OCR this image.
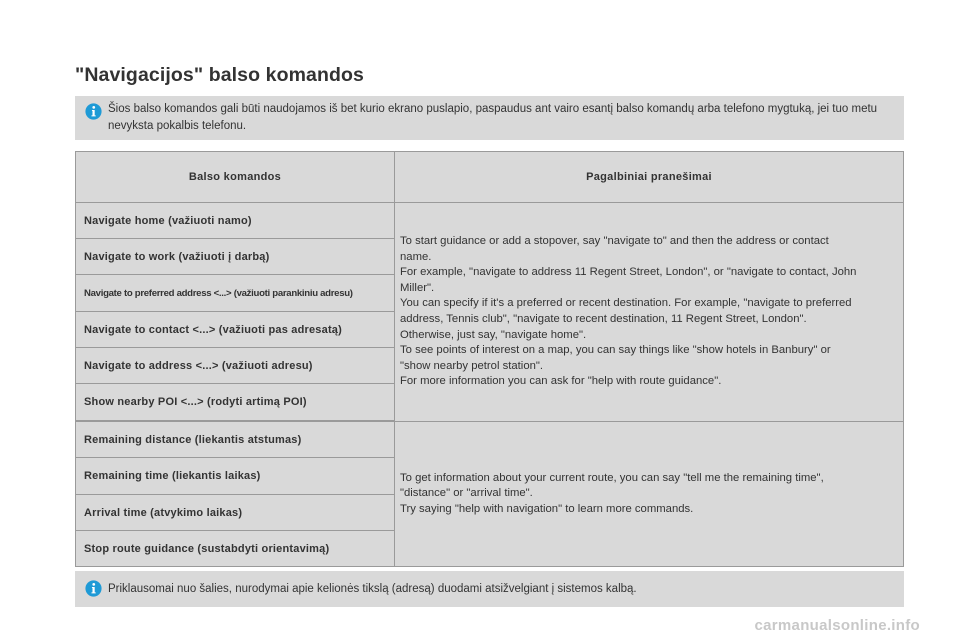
"Navigacijos" balso komandos
Šios balso komandos gali būti naudojamos iš bet kurio ekrano puslapio, paspaudus ant vairo esantį balso komandų arba telefono mygtuką, jei tuo metu nevyksta pokalbis telefonu.
Balso komandos	Pagalbiniai pranešimai
Navigate home (važiuoti namo)
Navigate to work (važiuoti į darbą)
Navigate to preferred address <...> (važiuoti parankiniu adresu)
Navigate to contact <...> (važiuoti pas adresatą)
Navigate to address <...> (važiuoti adresu)
Show nearby POI <...> (rodyti artimą POI)
To start guidance or add a stopover, say "navigate to" and then the address or contact
name.
For example, "navigate to address 11 Regent Street, London", or "navigate to contact, John
Miller".
You can specify if it's a preferred or recent destination. For example, "navigate to preferred
address, Tennis club", "navigate to recent destination, 11 Regent Street, London".
Otherwise, just say, "navigate home".
To see points of interest on a map, you can say things like "show hotels in Banbury" or
"show nearby petrol station".
For more information you can ask for "help with route guidance".
Remaining distance (liekantis atstumas)
Remaining time (liekantis laikas)
Arrival time (atvykimo laikas)
Stop route guidance (sustabdyti orientavimą)
To get information about your current route, you can say "tell me the remaining time",
"distance" or "arrival time".
Try saying "help with navigation" to learn more commands.
Priklausomai nuo šalies, nurodymai apie kelionės tikslą (adresą) duodami atsižvelgiant į sistemos kalbą.
carmanualsonline.info
